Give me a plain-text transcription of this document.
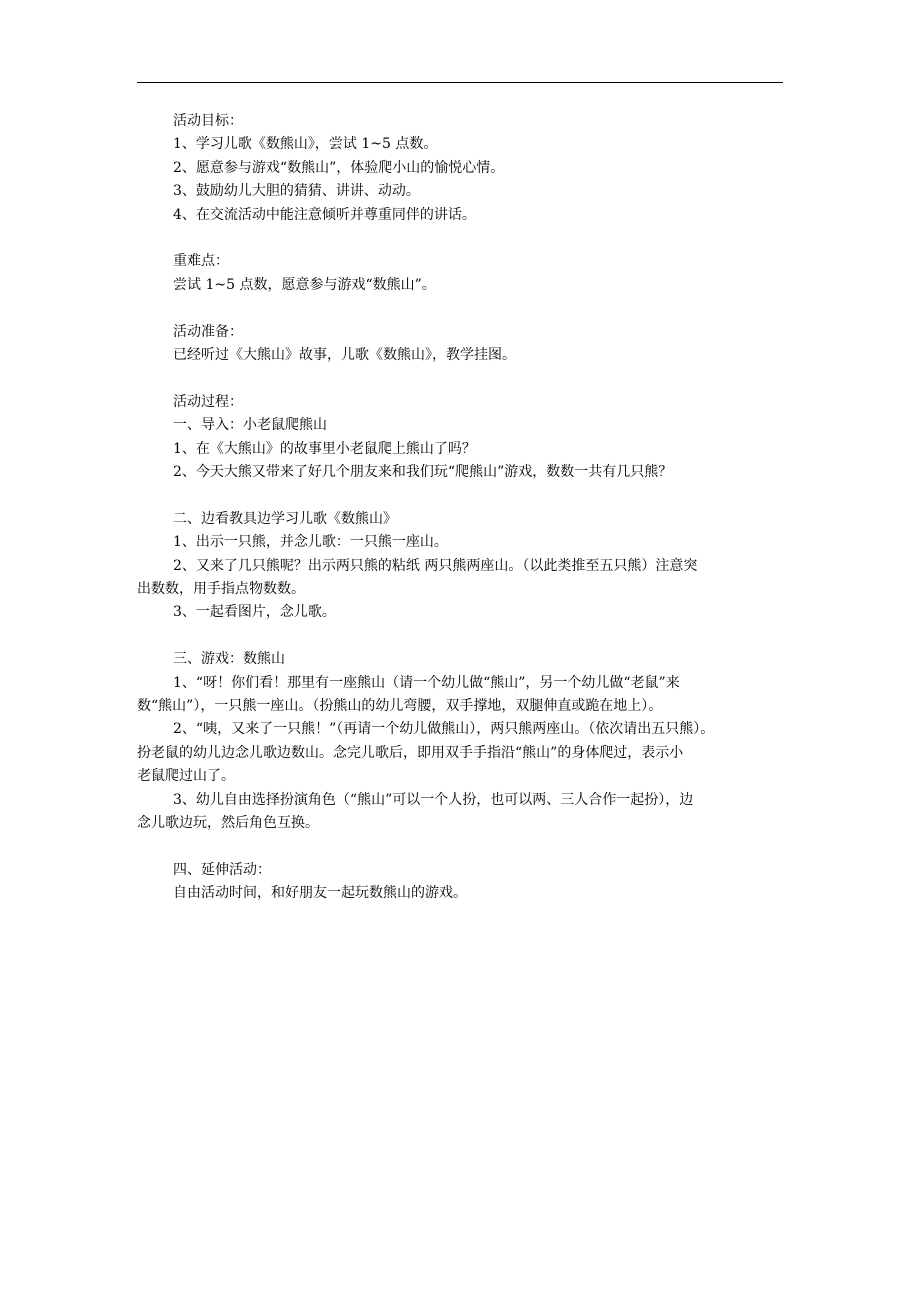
活动目标：
1、学习儿歌《数熊山》，尝试 1~5 点数。
2、愿意参与游戏“数熊山”，体验爬小山的愉悦心情。
3、鼓励幼儿大胆的猜猜、讲讲、动动。
4、在交流活动中能注意倾听并尊重同伴的讲话。
重难点：
尝试 1~5 点数，愿意参与游戏“数熊山”。
活动准备：
已经听过《大熊山》故事，儿歌《数熊山》，教学挂图。
活动过程：
一、导入：小老鼠爬熊山
1、在《大熊山》的故事里小老鼠爬上熊山了吗？
2、今天大熊又带来了好几个朋友来和我们玩“爬熊山”游戏，数数一共有几只熊？
二、边看教具边学习儿歌《数熊山》
1、出示一只熊，并念儿歌：一只熊一座山。
2、又来了几只熊呢？出示两只熊的粘纸 两只熊两座山。（以此类推至五只熊）注意突
出数数，用手指点物数数。
3、一起看图片，念儿歌。
三、游戏：数熊山
1、“呀！你们看！那里有一座熊山（请一个幼儿做“熊山”，另一个幼儿做“老鼠”来
数“熊山”），一只熊一座山。（扮熊山的幼儿弯腰，双手撑地，双腿伸直或跪在地上）。
2、“咦，又来了一只熊！”（再请一个幼儿做熊山），两只熊两座山。（依次请出五只熊）。
扮老鼠的幼儿边念儿歌边数山。念完儿歌后，即用双手手指沿“熊山”的身体爬过，表示小
老鼠爬过山了。
3、幼儿自由选择扮演角色（“熊山”可以一个人扮，也可以两、三人合作一起扮），边
念儿歌边玩，然后角色互换。
四、延伸活动：
自由活动时间，和好朋友一起玩数熊山的游戏。
